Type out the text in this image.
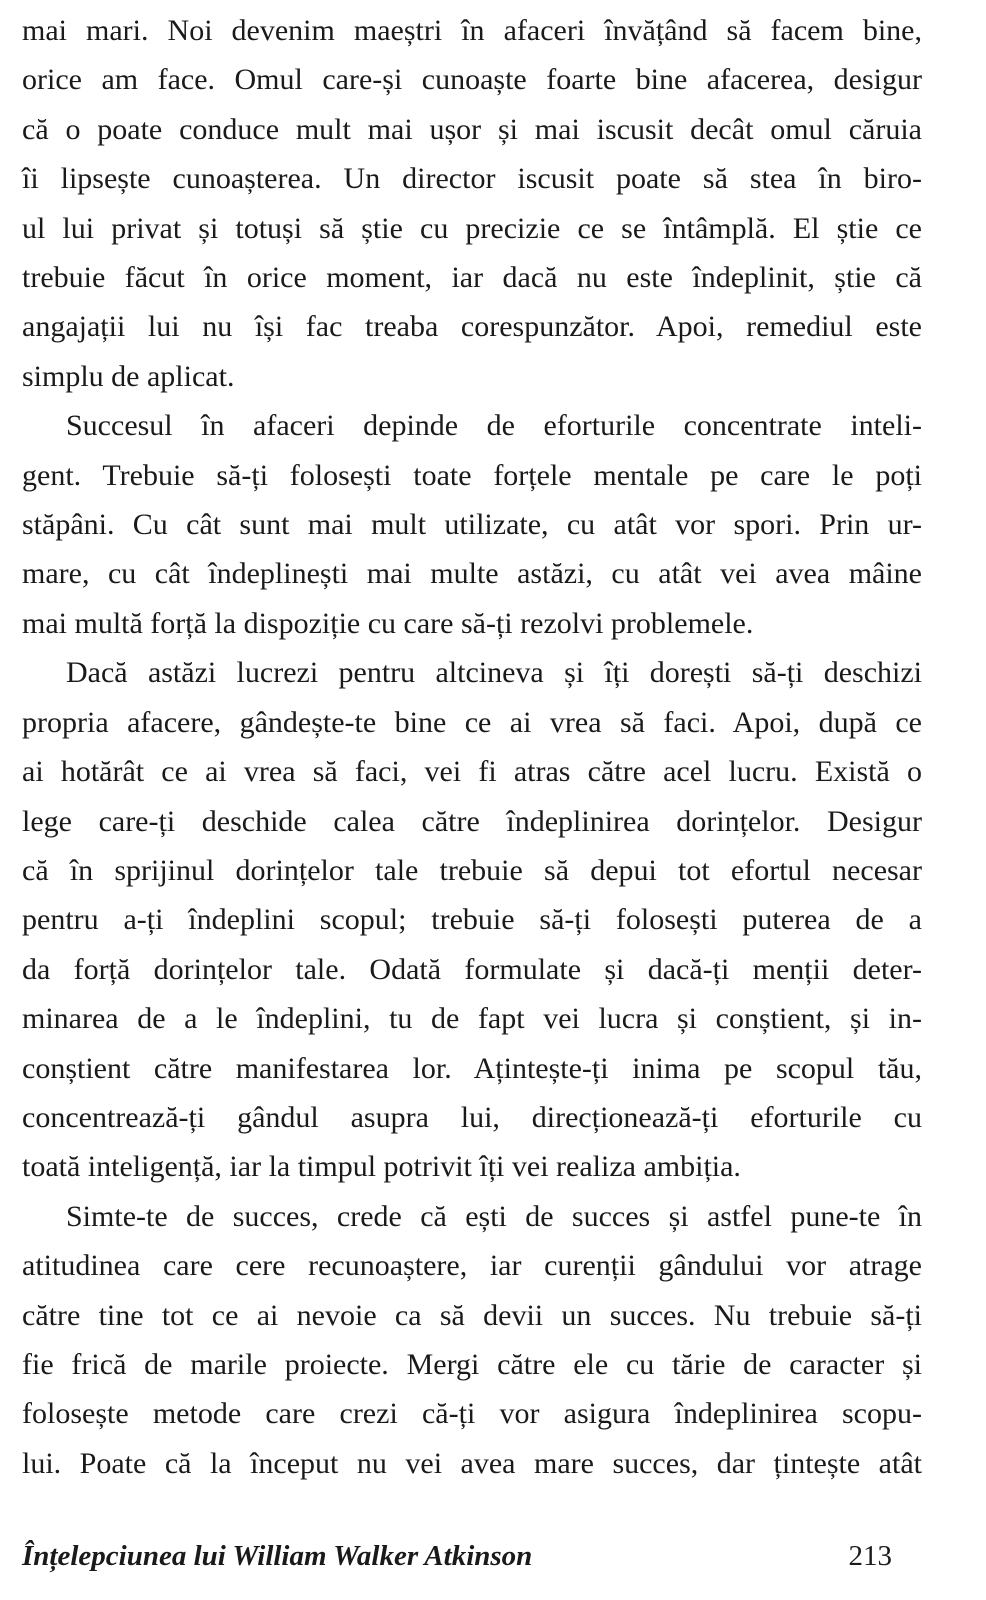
mai mari. Noi devenim maeștri în afaceri învățând să facem bine,
orice am face. Omul care-și cunoaște foarte bine afacerea, desigur
că o poate conduce mult mai ușor și mai iscusit decât omul căruia
îi lipsește cunoașterea. Un director iscusit poate să stea în biro-
ul lui privat și totuși să știe cu precizie ce se întâmplă. El știe ce
trebuie făcut în orice moment, iar dacă nu este îndeplinit, știe că
angajații lui nu își fac treaba corespunzător. Apoi, remediul este
simplu de aplicat.

Succesul în afaceri depinde de eforturile concentrate inteli-
gent. Trebuie să-ți folosești toate forțele mentale pe care le poți
stăpâni. Cu cât sunt mai mult utilizate, cu atât vor spori. Prin ur-
mare, cu cât îndeplinești mai multe astăzi, cu atât vei avea mâine
mai multă forță la dispoziție cu care să-ți rezolvi problemele.

Dacă astăzi lucrezi pentru altcineva și îți dorești să-ți deschizi
propria afacere, gândește-te bine ce ai vrea să faci. Apoi, după ce
ai hotărât ce ai vrea să faci, vei fi atras către acel lucru. Există o
lege care-ți deschide calea către îndeplinirea dorințelor. Desigur
că în sprijinul dorințelor tale trebuie să depui tot efortul necesar
pentru a-ți îndeplini scopul; trebuie să-ți folosești puterea de a
da forță dorințelor tale. Odată formulate și dacă-ți menții deter-
minarea de a le îndeplini, tu de fapt vei lucra și conștient, și in-
conștient către manifestarea lor. Ațintește-ți inima pe scopul tău,
concentrează-ți gândul asupra lui, direcționează-ți eforturile cu
toată inteligență, iar la timpul potrivit îți vei realiza ambiția.

Simte-te de succes, crede că ești de succes și astfel pune-te în
atitudinea care cere recunoaștere, iar curenții gândului vor atrage
către tine tot ce ai nevoie ca să devii un succes. Nu trebuie să-ți
fie frică de marile proiecte. Mergi către ele cu tărie de caracter și
folosește metode care crezi că-ți vor asigura îndeplinirea scopu-
lui. Poate că la început nu vei avea mare succes, dar țintește atât

Înțelepciunea lui William Walker Atkinson	213
